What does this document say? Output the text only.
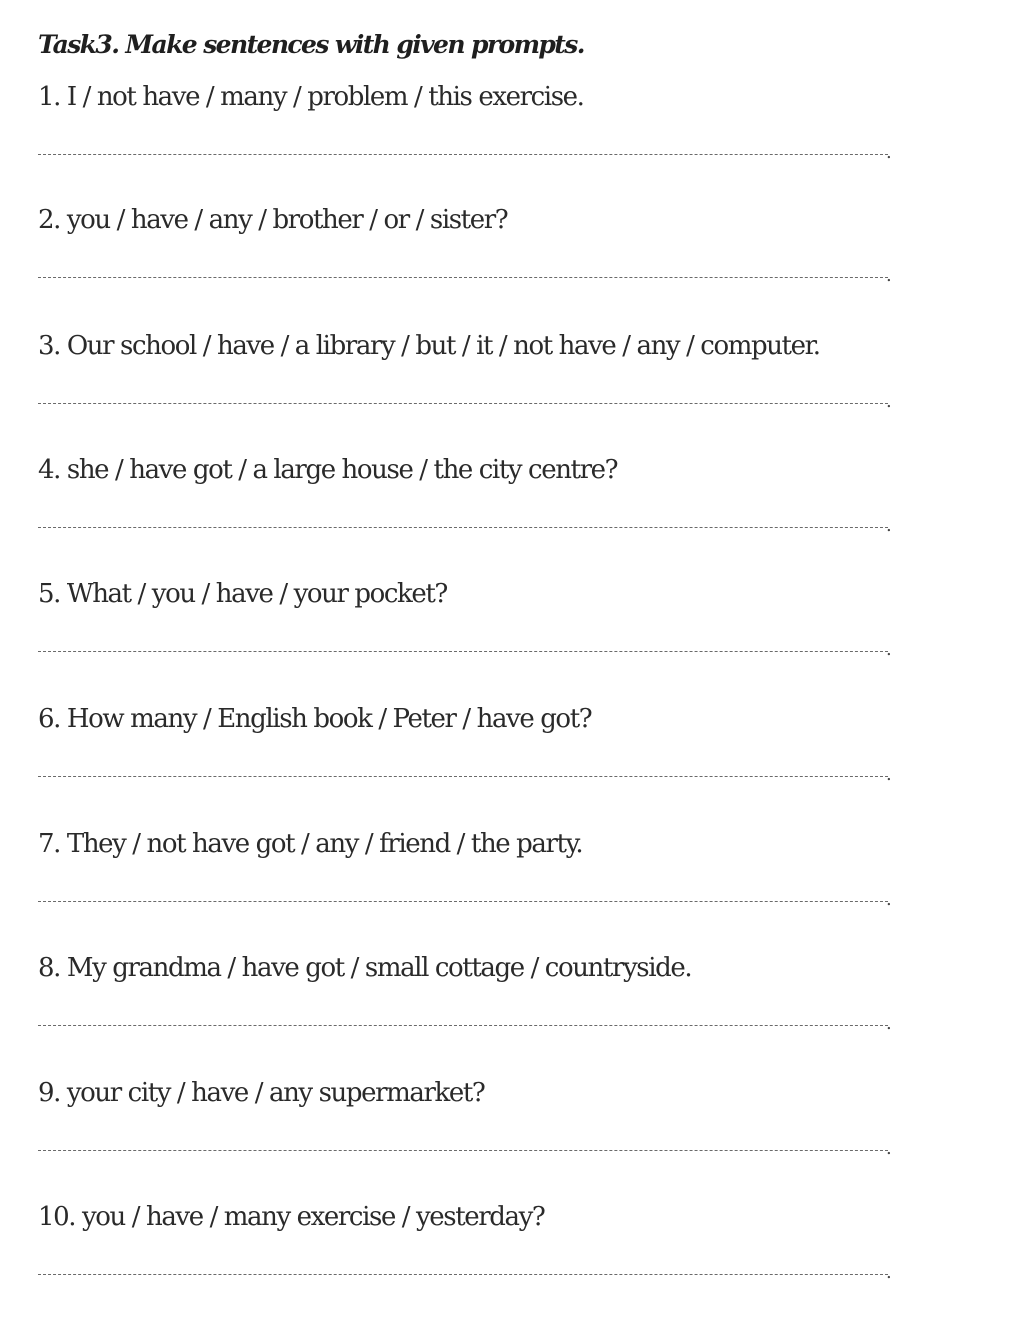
Task3. Make sentences with given prompts.
1. I / not have / many / problem / this exercise.
.
2. you / have / any / brother / or / sister?
.
3. Our school / have / a library / but / it / not have / any / computer.
.
4. she / have got / a large house / the city centre?
.
5. What / you / have / your pocket?
.
6. How many / English book / Peter / have got?
.
7. They / not have got / any / friend / the party.
.
8. My grandma / have got / small cottage / countryside.
.
9. your city / have / any supermarket?
.
10. you / have / many exercise / yesterday?
.
